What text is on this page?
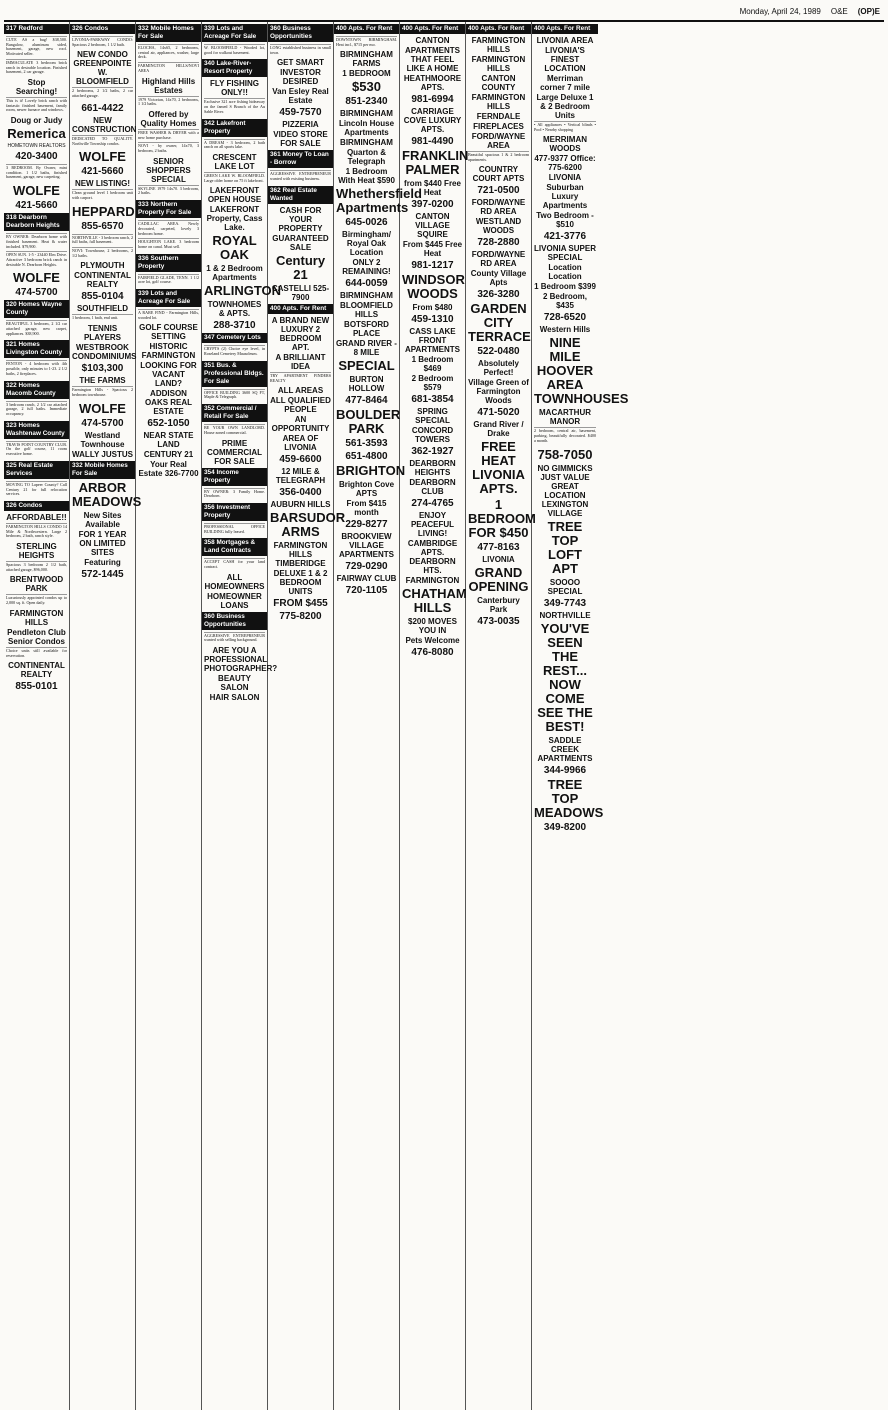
Monday, April 24, 1989 O&E (OP)E
317 Redford

CUTE AS a bug! $38,500. Bungalow, aluminum sided, basement, garage, new roof. Motivated seller.

IMMACULATE 3 bedroom brick ranch in desirable location. Finished basement, 2 car garage.

Stop Searching!

This is it! Lovely brick ranch with fantastic finished basement, family room, newer furnace and windows.

Doug or Judy
Remerica
HOMETOWN REALTORS
420-3400

3 BEDROOM. By Owner, mint condition. 1 1/2 baths, finished basement, garage, new carpeting.

WOLFE
421-5660
318 Dearborn Dearborn Heights

BY OWNER: Dearborn home with finished basement. Heat & water included. $79,900.

OPEN SUN. 1-5 - 23440 Elm Drive. Attractive 3 bedroom brick ranch in desirable N. Dearborn Heights.

WOLFE
474-5700
320 Homes Wayne County

BEAUTIFUL 3 bedroom, 2 1/2 car attached garage, new carpet, appliances. $38,900.

321 Homes Livingston County

FENTON - 4 bedroom with 4th possible, only minutes to 1-23. 2 1/2 baths, 2 fireplaces.

322 Homes Macomb County

3 bedroom ranch, 2 1/2 car attached garage, 2 full baths. Immediate occupancy.

323 Homes Washtenaw County

TRAVIS POINT COUNTRY CLUB. On the golf course, 11 room executive home.

325 Real Estate Services

MOVING TO Lapeer County? Call Century 21 for full relocation services.

326 Condos
AFFORDABLE!!

FARMINGTON HILLS CONDO 14 Mile & Northwestern. Large 2 bedroom, 2 bath, ranch style.

STERLING HEIGHTS

Spacious 3 bedroom 2 1/2 bath, attached garage, $96,000.

BRENTWOOD PARK

Luxuriously appointed condos up to 2,000 sq. ft. Open daily.

FARMINGTON HILLS
Pendleton Club Senior Condos

Choice units still available for reservation.

CONTINENTAL REALTY
855-0101
326 Condos

LIVONIA-PARKWAY CONDO: Spacious 2 bedroom, 1 1/2 bath.

NEW CONDO GREENPOINTE W. BLOOMFIELD

2 bedrooms, 2 1/2 baths, 2 car attached garage.

661-4422
NEW CONSTRUCTION

DEDICATED TO QUALITY. Northville Township condos.

WOLFE
421-5660
NEW LISTING!

Clean ground level 1 bedroom unit with carport.

HEPPARD
855-6570

NORTHVILLE - 3 bedroom ranch, 2 full baths, full basement.

NOVI: Townhouse, 2 bedrooms, 2 1/2 baths.

PLYMOUTH
CONTINENTAL REALTY
855-0104
SOUTHFIELD

1 bedroom, 1 bath, end unit.

TENNIS PLAYERS
WESTBROOK CONDOMINIUMS
$103,300
THE FARMS

Farmington Hills - Spacious 2 bedroom townhouse.

WOLFE
474-5700
Westland Townhouse
WALLY JUSTUS
332 Mobile Homes For Sale
ARBOR MEADOWS
New Sites Available
FOR 1 YEAR ON LIMITED SITES
Featuring
572-1445
332 Mobile Homes For Sale

ELOCHA, 14x65, 2 bedrooms, central air, appliances, washer, large deck.

FARMINGTON HILLS/NOVI AREA

Highland Hills Estates

1979 Victorian, 14x70, 2 bedrooms, 1 1/2 baths.

Offered by Quality Homes

FREE WASHER & DRYER with a new home purchase.

NOVI - by owner, 14x70, 3 bedroom, 2 baths.

SENIOR SHOPPERS SPECIAL

SKYLINE 1979 14x70. 3 bedroom, 2 baths.

333 Northern Property For Sale

CADILLAC AREA. Newly decorated, carpeted, lovely 3 bedroom home.

HOUGHTON LAKE. 3 bedroom home on canal. Must sell.

336 Southern Property

FAIRFIELD GLADE, TENN. 1 1/2 acre lot, golf course.

339 Lots and Acreage For Sale

A RARE FIND - Farmington Hills, wooded lot.

GOLF COURSE SETTING
HISTORIC FARMINGTON
LOOKING FOR VACANT LAND?
ADDISON OAKS REAL ESTATE
652-1050
NEAR STATE LAND
CENTURY 21
Your Real Estate 326-7700
339 Lots and Acreage For Sale

W. BLOOMFIELD - Wooded lot, good for walkout basement.

340 Lake-River-Resort Property
FLY FISHING ONLY!!

Exclusive 321 acre fishing hideaway on the famed S Branch of the Au Sable River.

342 Lakefront Property

A DREAM - 3 bedroom, 2 bath ranch on all sports lake.

CRESCENT LAKE LOT

GREEN LAKE W. BLOOMFIELD. Large older home on 75 ft lakefront.

LAKEFRONT OPEN HOUSE
LAKEFRONT Property, Cass Lake.
ROYAL OAK
1 & 2 Bedroom Apartments
ARLINGTON
TOWNHOMES & APTS.
288-3710
347 Cemetery Lots

CRYPTS (2) Choice eye level, in Roseland Cemetery Mausoleum.

351 Bus. & Professional Bldgs. For Sale

OFFICE BUILDING 3600 SQ FT, Maple & Telegraph.

352 Commercial / Retail For Sale

BE YOUR OWN LANDLORD. House zoned commercial.

PRIME COMMERCIAL FOR SALE
354 Income Property

BY OWNER: 3 Family Home. Dearborn.

356 Investment Property

PROFESSIONAL OFFICE BUILDING fully leased.

358 Mortgages & Land Contracts

ACCEPT CASH for your land contract.

ALL HOMEOWNERS
HOMEOWNER LOANS
360 Business Opportunities

AGGRESSIVE ENTREPRENEUR wanted with selling background.

ARE YOU A PROFESSIONAL PHOTOGRAPHER?
BEAUTY SALON
HAIR SALON
360 Business Opportunities

LONG established business in small town.

GET SMART
INVESTOR DESIRED
Van Esley Real Estate
459-7570
PIZZERIA
VIDEO STORE FOR SALE
361 Money To Loan - Borrow

AGGRESSIVE ENTREPRENEUR wanted with existing business.

362 Real Estate Wanted
CASH FOR YOUR PROPERTY
GUARANTEED SALE
Century 21
CASTELLI 525-7900
400 Apts. For Rent
A BRAND NEW LUXURY 2 BEDROOM APT.
A BRILLIANT IDEA

TRY APARTMENT FINDERS REALTY

ALL AREAS
ALL QUALIFIED PEOPLE
AN OPPORTUNITY
AREA OF LIVONIA
459-6600
12 MILE & TELEGRAPH
356-0400
AUBURN HILLS
BARSUDOR ARMS
FARMINGTON HILLS TIMBERIDGE
DELUXE 1 & 2 BEDROOM UNITS
FROM $455
775-8200
400 Apts. For Rent

DOWNTOWN BIRMINGHAM. Heat incl., $715 per mo.

BIRMINGHAM FARMS
1 BEDROOM
$530
851-2340
BIRMINGHAM
Lincoln House Apartments
BIRMINGHAM
Quarton & Telegraph
1 Bedroom With Heat $590
Whethersfield Apartments
645-0026
Birmingham/ Royal Oak Location
ONLY 2 REMAINING!
644-0059
BIRMINGHAM
BLOOMFIELD HILLS
BOTSFORD PLACE
GRAND RIVER - 8 MILE
SPECIAL
BURTON HOLLOW
477-8464
BOULDER PARK
561-3593
651-4800
BRIGHTON
Brighton Cove APTS
From $415 month
229-8277
BROOKVIEW VILLAGE APARTMENTS
729-0290
FAIRWAY CLUB
720-1105
400 Apts. For Rent
CANTON
APARTMENTS THAT FEEL LIKE A HOME
HEATHMOORE APTS.
981-6994
CARRIAGE COVE LUXURY APTS.
981-4490
FRANKLIN PALMER
from $440 Free Heat
397-0200
CANTON VILLAGE SQUIRE
From $445 Free Heat
981-1217
WINDSOR WOODS
From $480
459-1310
CASS LAKE FRONT APARTMENTS
1 Bedroom $469
2 Bedroom $579
681-3854
SPRING SPECIAL
CONCORD TOWERS
362-1927
DEARBORN HEIGHTS
DEARBORN CLUB
274-4765
ENJOY PEACEFUL LIVING!
CAMBRIDGE APTS. DEARBORN HTS.
FARMINGTON
CHATHAM HILLS
$200 MOVES YOU IN
Pets Welcome
476-8080
400 Apts. For Rent
FARMINGTON HILLS
FARMINGTON HILLS
CANTON COUNTY
FARMINGTON HILLS
FERNDALE
FIREPLACES
FORD/WAYNE AREA

Beautiful spacious 1 & 2 bedroom apartments.

COUNTRY COURT APTS
721-0500
FORD/WAYNE RD AREA
WESTLAND WOODS
728-2880
FORD/WAYNE RD AREA
County Village Apts
326-3280
GARDEN CITY TERRACE
522-0480
Absolutely Perfect!
Village Green of Farmington Woods
471-5020
Grand River / Drake
FREE HEAT LIVONIA APTS.
1 BEDROOM FOR $450
477-8163
LIVONIA
GRAND OPENING
Canterbury Park
473-0035
400 Apts. For Rent
LIVONIA AREA
LIVONIA'S FINEST LOCATION
Merriman corner 7 mile
Large Deluxe 1 & 2 Bedroom Units

• All appliances • Vertical blinds • Pool • Nearby shopping

MERRIMAN WOODS
477-9377 Office: 775-6200
LIVONIA
Suburban Luxury Apartments
Two Bedroom - $510
421-3776
LIVONIA SUPER SPECIAL
Location Location
1 Bedroom $399
2 Bedroom, $435
728-6520
Western Hills
NINE MILE HOOVER AREA TOWNHOUSES
MACARTHUR MANOR

2 bedroom, central air, basement, parking, beautifully decorated. $400 a month.

758-7050
NO GIMMICKS JUST VALUE GREAT LOCATION LEXINGTON VILLAGE
TREE TOP LOFT APT
SOOOO SPECIAL
349-7743
NORTHVILLE
YOU'VE SEEN THE REST... NOW COME SEE THE BEST!
SADDLE CREEK APARTMENTS
344-9966
TREE TOP MEADOWS
349-8200
